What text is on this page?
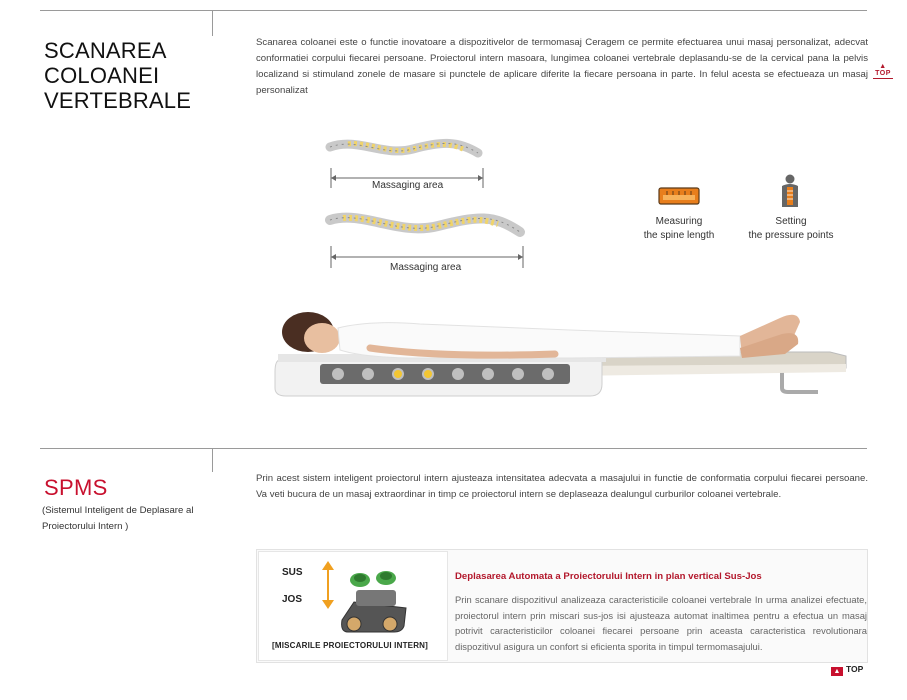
SCANAREA
COLOANEI
VERTEBRALE
Scanarea coloanei este o functie inovatoare a dispozitivelor de termomasaj Ceragem ce permite efectuarea unui masaj personalizat, adecvat conformatiei corpului fiecarei persoane. Proiectorul intern masoara, lungimea coloanei vertebrale deplasandu-se de la cervical pana la pelvis localizand si stimuland zonele de masare si punctele de aplicare diferite la fiecare persoana in parte. In felul acesta se efectueaza un masaj personalizat
▲
TOP
Massaging area
Massaging area
Measuring
the spine length
Setting
the pressure points
SPMS
(Sistemul Inteligent de Deplasare al Proiectorului Intern )
Prin acest sistem inteligent proiectorul intern ajusteaza intensitatea adecvata a masajului in functie de conformatia corpului fiecarei persoane. Va veti bucura de un masaj extraordinar in timp ce proiectorul intern se deplaseaza dealungul curburilor coloanei vertebrale.
SUS
JOS
[MISCARILE PROIECTORULUI INTERN]
Deplasarea Automata a Proiectorului Intern in plan vertical Sus-Jos
Prin scanare dispozitivul analizeaza caracteristicile coloanei vertebrale In urma analizei efectuate, proiectorul intern prin miscari sus-jos isi ajusteaza automat inaltimea pentru a efectua un masaj potrivit caracteristicilor coloanei fiecarei persoane prin aceasta caracteristica revolutionara dispozitivul asigura un confort si eficienta sporita in timpul termomasajului.
▲ TOP
